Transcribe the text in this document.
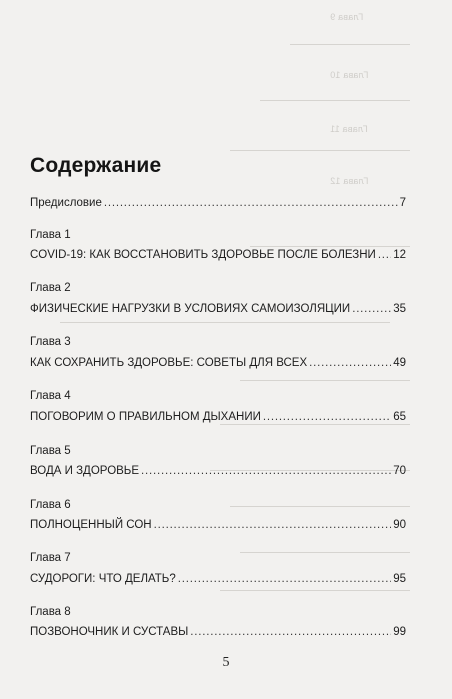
Глава 9
Глава 10
Глава 11
Глава 12
Содержание
Предисловие . . .	7
Глава 1
COVID-19: КАК ВОССТАНОВИТЬ ЗДОРОВЬЕ ПОСЛЕ БОЛЕЗНИ . . . 12
Глава 2
ФИЗИЧЕСКИЕ НАГРУЗКИ В УСЛОВИЯХ САМОИЗОЛЯЦИИ . . .	35
Глава 3
КАК СОХРАНИТЬ ЗДОРОВЬЕ: СОВЕТЫ ДЛЯ ВСЕХ . . .	49
Глава 4
ПОГОВОРИМ О ПРАВИЛЬНОМ ДЫХАНИИ . . .	65
Глава 5
ВОДА И ЗДОРОВЬЕ . . .	70
Глава 6
ПОЛНОЦЕННЫЙ СОН . . .	90
Глава 7
СУДОРОГИ: ЧТО ДЕЛАТЬ? . . .	95
Глава 8
ПОЗВОНОЧНИК И СУСТАВЫ . . .	99
5
